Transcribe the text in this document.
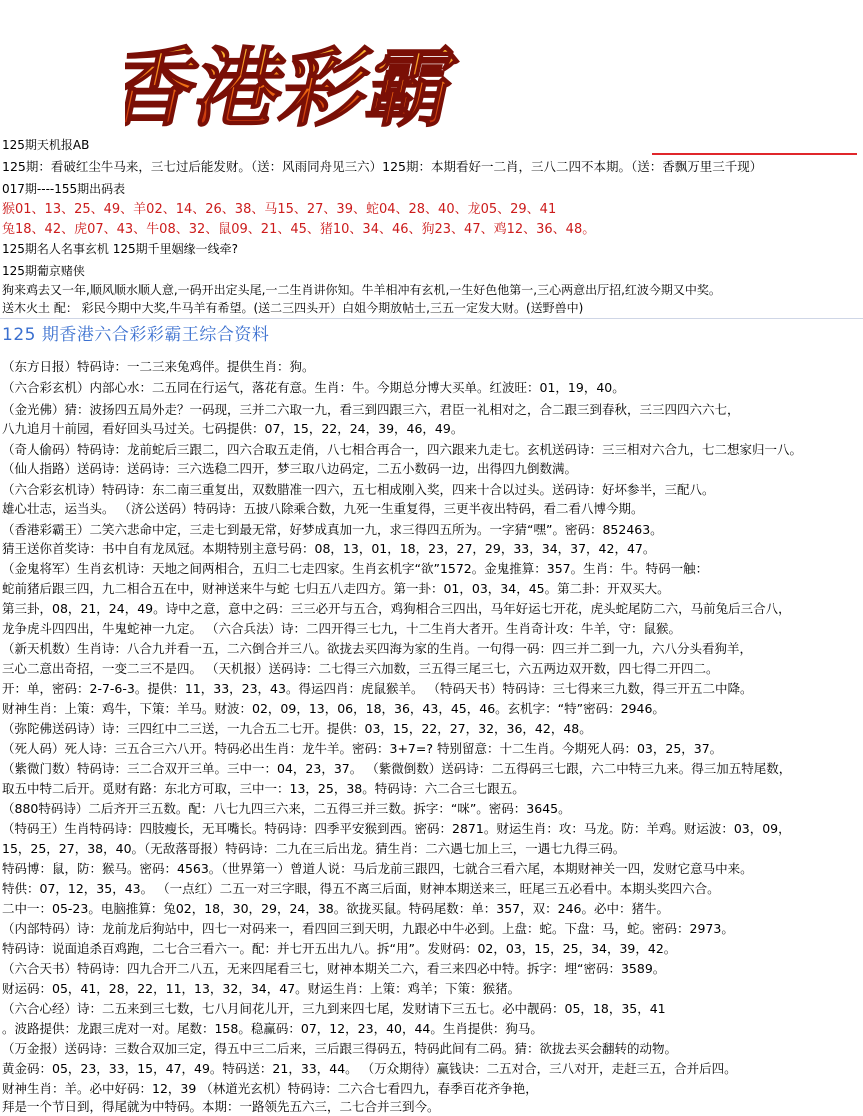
香港彩霸
125期天机报AB
125期：看破红尘牛马来，三七过后能发财。（送：风雨同舟见三六）125期：本期看好一二肖，三八二四不本期。（送：香飘万里三千现）
017期----155期出码表
猴01、13、25、49、羊02、14、26、38、马15、27、39、蛇04、28、40、龙05、29、41
兔18、42、虎07、43、牛08、32、鼠09、21、45、猪10、34、46、狗23、47、鸡12、36、48。
125期名人名事玄机 125期千里姻缘一线牵?
125期葡京赌侠
狗来鸡去又一年,顺风顺水顺人意,一码开出定头尾,一二生肖讲你知。牛羊相冲有玄机,一生好色他第一,三心两意出厅招,红波今期又中奖。
送木火土 配： 彩民今期中大奖,牛马羊有希望。(送二三四头开）白姐今期放帖士,三五一定发大财。(送野兽中)
125 期香港六合彩彩霸王综合资料
（东方日报）特码诗：一二三来兔鸡伴。提供生肖：狗。
（六合彩玄机）内部心水：二五同在行运气，落花有意。生肖：牛。今期总分博大买单。红波旺：01，19，40。
（金光佛）猜：波扬四五局外走？一码现，三并二六取一九，看三到四跟三六，君臣一礼相对之，合二跟三到春秋，三三四四六六七，
八九追月十前园，看好回头马过关。七码提供：07，15，22，24，39，46，49。
（奇人偷码）特码诗：龙前蛇后三跟二，四六合取五走俏，八七相合再合一，四六跟来九走七。玄机送码诗：三三相对六合九，七二想家归一八。
（仙人指路）送码诗：送码诗：三六选稳二四开，梦三取八边码定，二五小数码一边，出得四九倒数满。
（六合彩玄机诗）特码诗：东二南三重复出，双数腊准一四六，五七相成刚入奖，四来十合以过头。送码诗：好坏参半，三配八。
雄心壮志，运当头。 （济公送码）特码诗：五披八除乘合数，九死一生重复得，三更半夜出特码，看二看八博今期。
（香港彩霸王）二笑六悲命中定，三走七到最无常，好梦成真加一九，求三得四五所为。一字猜“嘿”。密码：852463。
猜王送你首奖诗：书中自有龙凤冠。本期特别主意号码：08，13，01，18，23，27，29，33，34，37，42，47。
（金鬼将军）生肖玄机诗：天地之间两相合，五归二七走四家。生肖玄机字“欲”1572。金鬼推算：357。生肖：牛。特码一触：
蛇前猪后跟三四，九二相合五在中，财神送来牛与蛇 七归五八走四方。第一卦：01，03，34，45。第二卦：开双买大。
第三卦，08，21，24，49。诗中之意，意中之码：三三必开与五合，鸡狗相合三四出，马年好运七开花，虎头蛇尾防二六，马前兔后三合八，
龙争虎斗四四出，牛鬼蛇神一九定。 （六合兵法）诗：二四开得三七九，十二生肖大者开。生肖奇计攻：牛羊，守：鼠猴。
（新天机数）生肖诗：八合九并看一五，二六倒合并三八。欲拢去买四海为家的生肖。一句得一码：四三并二到一九，六八分头看狗羊，
三心二意出奇招，一变二三不是四。 （天机报）送码诗：二七得三六加数，三五得三尾三七，六五两边双开数，四七得二开四二。
开：单，密码：2-7-6-3。提供：11，33，23，43。得运四肖：虎鼠猴羊。 （特码天书）特码诗：三七得来三九数，得三开五二中降。
财神生肖：上策：鸡牛，下策：羊马。财波：02，09，13，06，18，36，43，45，46。玄机字：“特”密码：2946。
（弥陀佛送码诗）诗：三四红中二三送，一九合五二七开。提供：03，15，22，27，32，36，42，48。
（死人码）死人诗：三五合三六八开。特码必出生肖：龙牛羊。密码：3+7=? 特别留意：十二生肖。今期死人码：03，25，37。
（紫微门数）特码诗：三二合双开三单。三中一：04，23，37。 （紫微倒数）送码诗：二五得码三七跟，六二中特三九来。得三加五特尾数，
取五中特二后开。觅财有路：东北方可取，三中一：13，25，38。特码诗：六二合三七跟五。
（880特码诗）二后齐开三五数。配：八七九四三六来，二五得三并三数。拆字：“咪”。密码：3645。
（特码王）生肖特码诗：四肢瘦长，无耳嘴长。特码诗：四季平安猴到西。密码：2871。财运生肖：攻：马龙。防：羊鸡。财运波：03，09，
15，25，27，38，40。（无敌落哥报）特码诗：二九在三后出龙。猜生肖：二六遇七加上三，一遇七九得三码。
特码博：鼠，防：猴马。密码：4563。（世界第一）曾道人说：马后龙前三跟四，七就合三看六尾，本期财神关一四，发财它意马中来。
特供：07，12，35，43。 （一点红）二五一对三字眼，得五不离三后面，财神本期送来三，旺尾三五必看中。本期头奖四六合。
二中一：05-23。电脑推算：兔02，18，30，29，24，38。欲拢买鼠。特码尾数：单：357，双：246。必中：猪牛。
（内部特码）诗：龙前龙后狗站中，四七一对码来一，看四回三到天明，九跟必中牛必到。上盘：蛇。下盘：马，蛇。密码：2973。
特码诗：说面追杀百鸡跑，二七合三看六一。配：并七开五出九八。拆“用”。发财码：02，03，15，25，34，39，42。
（六合天书）特码诗：四九合开二八五，无来四尾看三七，财神本期关二六，看三来四必中特。拆字：埋“密码：3589。
财运码：05，41，28，22，11，13，32，34，47。财运生肖：上策：鸡羊；下策：猴猪。
（六合心经）诗：二五来到三七数，七八月间花儿开，三九到来四七尾，发财请下三五七。必中靓码：05，18，35，41
。波路提供：龙跟三虎对一对。尾数：158。稳赢码：07，12，23，40，44。生肖提供：狗马。
（万金报）送码诗：三数合双加三定，得五中三二后来，三后跟三得码五，特码此间有二码。猜：欲拢去买会翻转的动物。
黄金码：05，23，33，15，47，49。特码送：21，33，44。 （万众期待）赢钱诀：二五对合，三八对开，走赶三五，合并后四。
财神生肖：羊。必中好码：12，39 （林道光玄机）特码诗：二六合七看四九，春季百花齐争艳，
拜是一个节日到，得尾就为中特码。本期：一路领先五六三，二七合并三到今。
